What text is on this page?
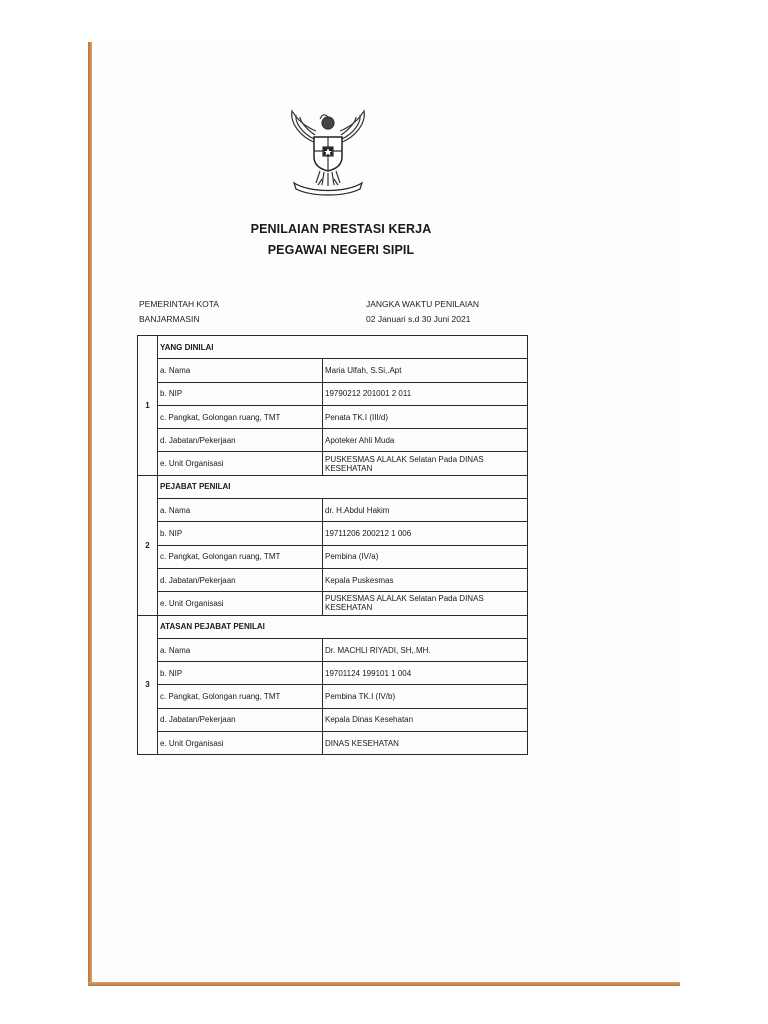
PENILAIAN PRESTASI KERJA
PEGAWAI NEGERI SIPIL
PEMERINTAH KOTA
BANJARMASIN
JANGKA WAKTU PENILAIAN
02 Januari s.d 30 Juni 2021
1	YANG DINILAI	
	a. Nama	Maria Ulfah, S.Si,.Apt
	b. NIP	19790212 201001 2 011
	c. Pangkat, Golongan ruang, TMT	Penata TK.I (III/d)
	d. Jabatan/Pekerjaan	Apoteker Ahli Muda
	e. Unit Organisasi	PUSKESMAS ALALAK Selatan Pada DINAS KESEHATAN
2	PEJABAT PENILAI	
	a. Nama	dr. H.Abdul Hakim
	b. NIP	19711206 200212 1 006
	c. Pangkat, Golongan ruang, TMT	Pembina (IV/a)
	d. Jabatan/Pekerjaan	Kepala Puskesmas
	e. Unit Organisasi	PUSKESMAS ALALAK Selatan Pada DINAS KESEHATAN
3	ATASAN PEJABAT PENILAI	
	a. Nama	Dr. MACHLI RIYADI, SH,.MH.
	b. NIP	19701124 199101 1 004
	c. Pangkat, Golongan ruang, TMT	Pembina TK.I (IV/b)
	d. Jabatan/Pekerjaan	Kepala Dinas Kesehatan
	e. Unit Organisasi	DINAS KESEHATAN
